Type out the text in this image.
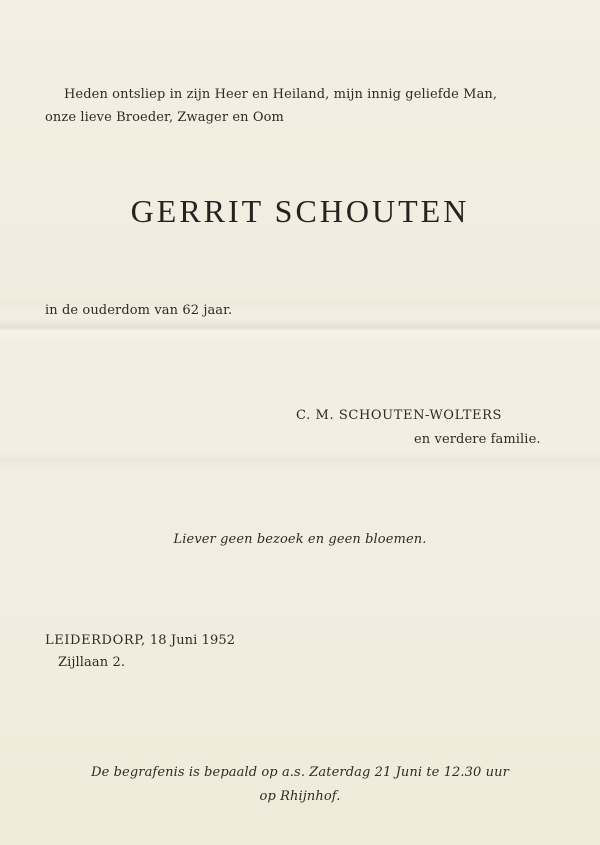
Heden ontsliep in zijn Heer en Heiland, mijn innig geliefde Man,
onze lieve Broeder, Zwager en Oom
GERRIT SCHOUTEN
in de ouderdom van 62 jaar.
C. M. SCHOUTEN-WOLTERS
en verdere familie.
Liever geen bezoek en geen bloemen.
LEIDERDORP, 18 Juni 1952
Zijllaan 2.
De begrafenis is bepaald op a.s. Zaterdag 21 Juni te 12.30 uur
op Rhijnhof.
